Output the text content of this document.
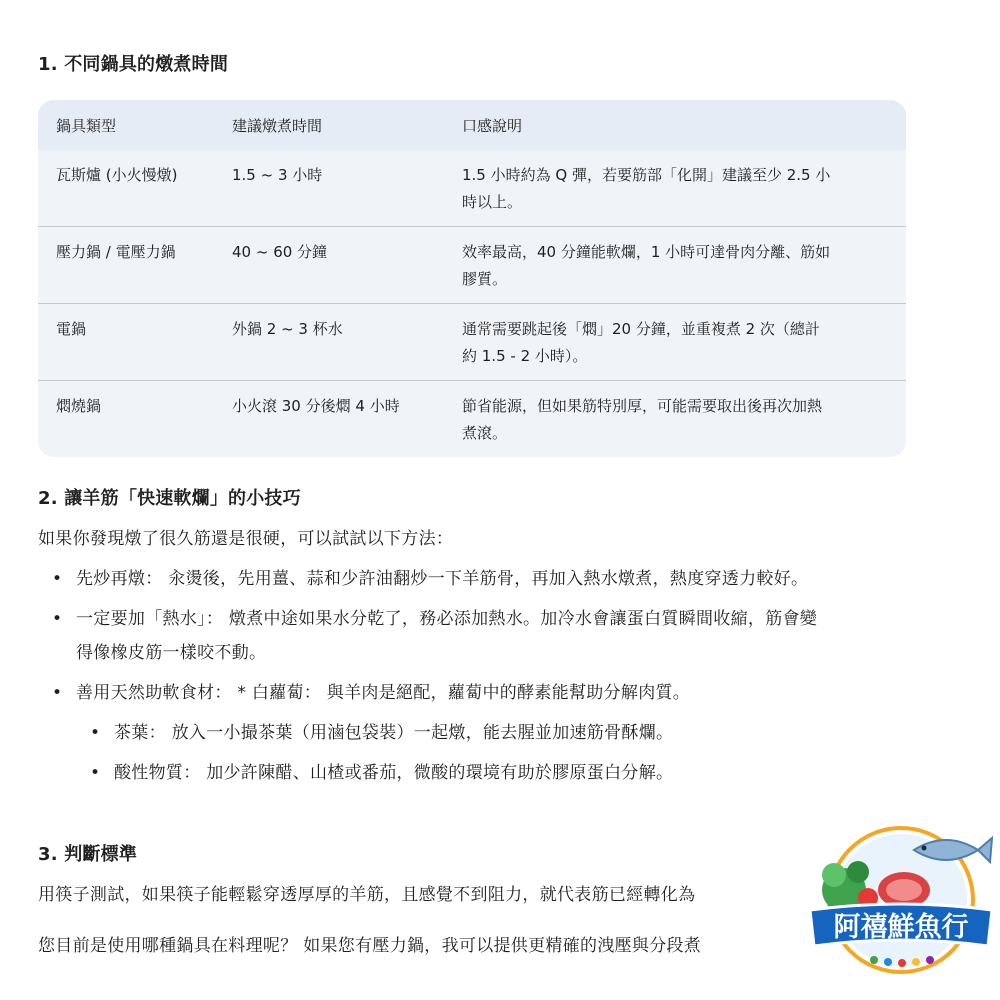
1. 不同鍋具的燉煮時間
鍋具類型	建議燉煮時間	口感說明
瓦斯爐 (小火慢燉)	1.5 ~ 3 小時	1.5 小時約為 Q 彈，若要筋部「化開」建議至少 2.5 小
時以上。
壓力鍋 / 電壓力鍋	40 ~ 60 分鐘	效率最高，40 分鐘能軟爛，1 小時可達骨肉分離、筋如
膠質。
電鍋	外鍋 2 ~ 3 杯水	通常需要跳起後「燜」20 分鐘，並重複煮 2 次（總計
約 1.5 - 2 小時）。
燜燒鍋	小火滾 30 分後燜 4 小時	節省能源，但如果筋特別厚，可能需要取出後再次加熱
煮滾。
2. 讓羊筋「快速軟爛」的小技巧

如果你發現燉了很久筋還是很硬，可以試試以下方法：

• 先炒再燉： 汆燙後，先用薑、蒜和少許油翻炒一下羊筋骨，再加入熱水燉煮，熱度穿透力較好。
• 一定要加「熱水」： 燉煮中途如果水分乾了，務必添加熱水。加冷水會讓蛋白質瞬間收縮，筋會變
得像橡皮筋一樣咬不動。
• 善用天然助軟食材： * 白蘿蔔： 與羊肉是絕配，蘿蔔中的酵素能幫助分解肉質。
• 茶葉： 放入一小撮茶葉（用滷包袋裝）一起燉，能去腥並加速筋骨酥爛。
• 酸性物質： 加少許陳醋、山楂或番茄，微酸的環境有助於膠原蛋白分解。
3. 判斷標準

用筷子測試，如果筷子能輕鬆穿透厚厚的羊筋，且感覺不到阻力，就代表筋已經轉化為

您目前是使用哪種鍋具在料理呢？ 如果您有壓力鍋，我可以提供更精確的洩壓與分段煮

阿禧鮮魚行
